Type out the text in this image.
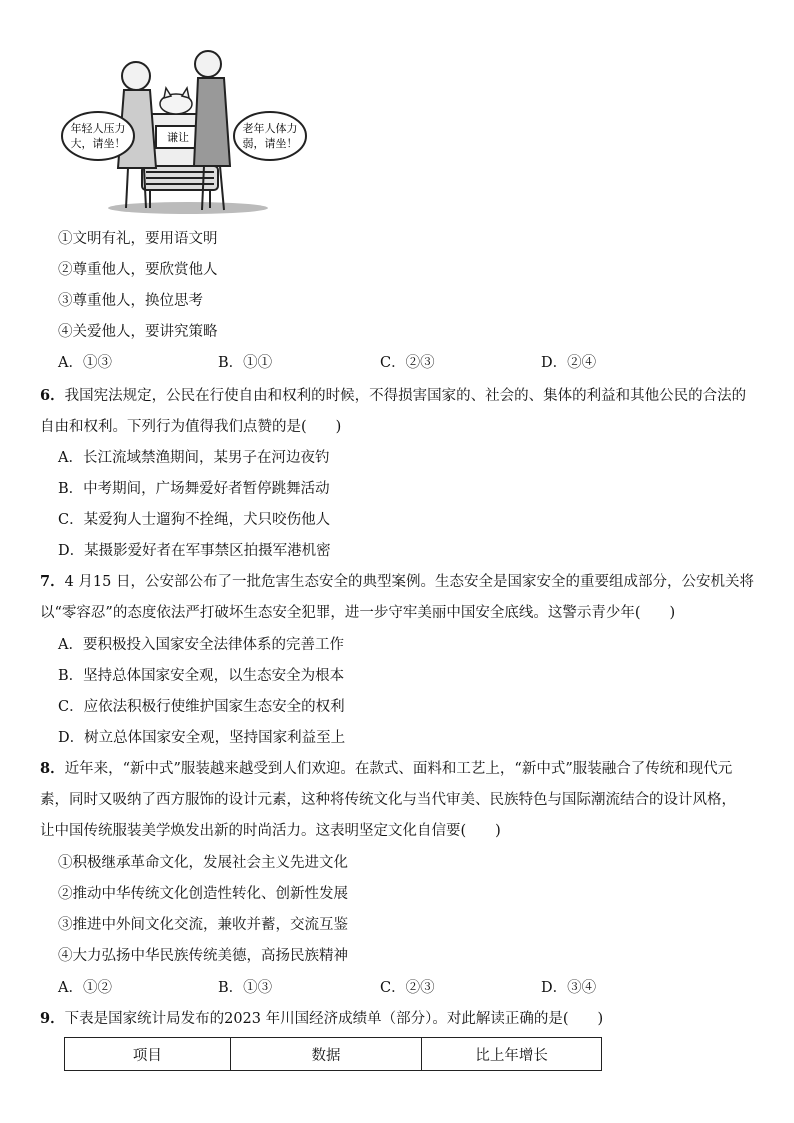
年轻人压力
大，请坐！	谦让
老年人体力
弱，请坐！
①文明有礼，要用语文明
②尊重他人，要欣赏他人
③尊重他人，换位思考
④关爱他人，要讲究策略
A．①③	B．①①	C．②③	D．②④
6．我国宪法规定，公民在行使自由和权利的时候，不得损害国家的、社会的、集体的利益和其他公民的合法的
自由和权利。下列行为值得我们点赞的是(　　)
A．长江流域禁渔期间，某男子在河边夜钓
B．中考期间，广场舞爱好者暂停跳舞活动
C．某爱狗人士遛狗不拴绳，犬只咬伤他人
D．某摄影爱好者在军事禁区拍摄军港机密
7．4 月15 日，公安部公布了一批危害生态安全的典型案例。生态安全是国家安全的重要组成部分，公安机关将
以“零容忍”的态度依法严打破坏生态安全犯罪，进一步守牢美丽中国安全底线。这警示青少年(　　)
A．要积极投入国家安全法律体系的完善工作
B．坚持总体国家安全观，以生态安全为根本
C．应依法积极行使维护国家生态安全的权利
D．树立总体国家安全观，坚持国家利益至上
8．近年来，“新中式”服装越来越受到人们欢迎。在款式、面料和工艺上，“新中式”服装融合了传统和现代元
素，同时又吸纳了西方服饰的设计元素，这种将传统文化与当代审美、民族特色与国际潮流结合的设计风格，
让中国传统服装美学焕发出新的时尚活力。这表明坚定文化自信要(　　)
①积极继承革命文化，发展社会主义先进文化
②推动中华传统文化创造性转化、创新性发展
③推进中外间文化交流，兼收并蓄，交流互鉴
④大力弘扬中华民族传统美德，高扬民族精神
A．①②	B．①③	C．②③	D．③④
9．下表是国家统计局发布的2023 年川国经济成绩单（部分）。对此解读正确的是(　　)
项目	数据	比上年增长
